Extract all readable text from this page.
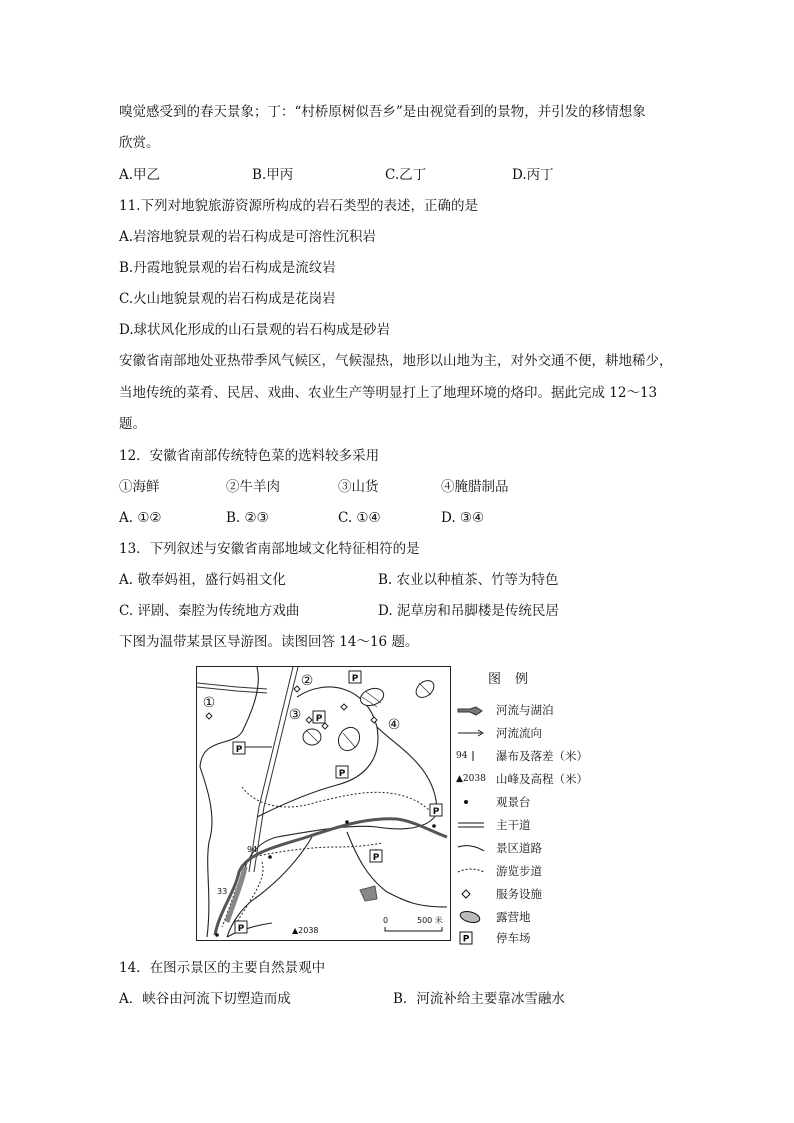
嗅觉感受到的春天景象；丁：“村桥原树似吾乡”是由视觉看到的景物，并引发的移情想象
欣赏。
A.甲乙	B.甲丙	C.乙丁	D.丙丁
11.下列对地貌旅游资源所构成的岩石类型的表述，正确的是
A.岩溶地貌景观的岩石构成是可溶性沉积岩
B.丹霞地貌景观的岩石构成是流纹岩
C.火山地貌景观的岩石构成是花岗岩
D.球状风化形成的山石景观的岩石构成是砂岩
安徽省南部地处亚热带季风气候区，气候湿热，地形以山地为主，对外交通不便，耕地稀少，
当地传统的菜肴、民居、戏曲、农业生产等明显打上了地理环境的烙印。据此完成 12～13
题。
12．安徽省南部传统特色菜的选料较多采用
①海鲜	②牛羊肉	③山货	④腌腊制品
A. ①②	B. ②③	C. ①④	D. ③④
13．下列叙述与安徽省南部地域文化特征相符的是
A. 敬奉妈祖，盛行妈祖文化	B. 农业以种植茶、竹等为特色
C. 评剧、秦腔为传统地方戏曲	D. 泥草房和吊脚楼是传统民居
下图为温带某景区导游图。读图回答 14～16 题。
P
P
P
P
P
P
P
①
②
③
④
94
33
▲2038
0	500 米
图例
河流与湖泊
河流流向
94 瀑布及落差（米）
▲2038 山峰及高程（米）
观景台
主干道
景区道路
游览步道
服务设施
露营地
P 停车场
14．在图示景区的主要自然景观中
A．峡谷由河流下切塑造而成	B．河流补给主要靠冰雪融水
